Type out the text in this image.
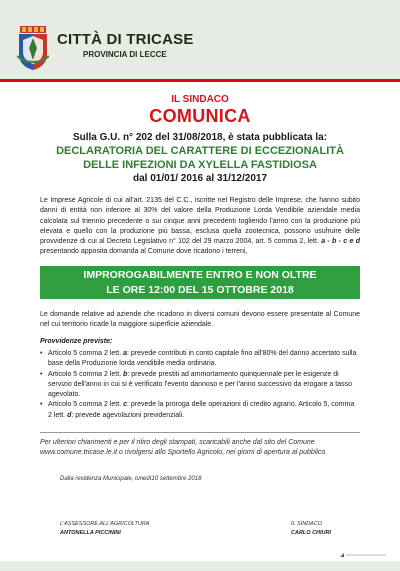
CITTÀ DI TRICASE
PROVINCIA DI LECCE
IL SINDACO
COMUNICA
Sulla G.U. n° 202 del 31/08/2018, è stata pubblicata la:
DECLARATORIA DEL CARATTERE DI ECCEZIONALITÀ
DELLE INFEZIONI DA XYLELLA FASTIDIOSA
dal 01/01/ 2016 al 31/12/2017

Le Imprese Agricole di cui all'art. 2135 del C.C., iscritte nel Registro delle Imprese, che hanno subito danni di entità non inferiore al 30% del valore della Produzione Lorda Vendibile aziendale media calcolata sul triennio precedente o sui cinque anni precedenti togliendo l'anno con la produzione più elevata e quello con la produzione più bassa, esclusa quella zootecnica, possono usufruire delle provvidenze di cui al Decreto Legislativo n° 102 del 29 marzo 2004, art. 5 comma 2, lett. a - b - c e d presentando apposita domanda al Comune dove ricadono i terreni,

IMPROROGABILMENTE ENTRO E NON OLTRE
LE ORE 12:00 DEL 15 OTTOBRE 2018

Le domande relative ad aziende che ricadono in diversi comuni devono essere presentate al Comune nel cui territorio ricade la maggiore superficie aziendale.

Provvidenze previste:
• Articolo 5 comma 2 lett. a: prevede contributi in conto capitale fino all'80% del danno accertato sulla base della Produzione lorda vendibile media ordinaria.
• Articolo 5 comma 2 lett. b: prevede prestiti ad ammortamento quinquennale per le esigenze di servizio dell'anno in cui si è verificato l'evento dannoso e per l'anno successivo da erogare a tasso agevolato.
• Articolo 5 comma 2 lett. c: prevede la proroga delle operazioni di credito agrario. Articolo 5, comma 2 lett. d: prevede agevolazioni previdenziali.
Per ulteriori chiarimenti e per il ritiro degli stampati, scaricabili anche dal sito del Comune
www.comune.tricase.le.it o rivolgersi allo Sportello Agricolo, nei giorni di apertura al pubblico.
Dalla residenza Municipale, lunedì10 settembre 2018
L'ASSESSORE ALL'AGRICOLTURA
ANTONELLA PICCININI
IL SINDACO
CARLO CHIURI
